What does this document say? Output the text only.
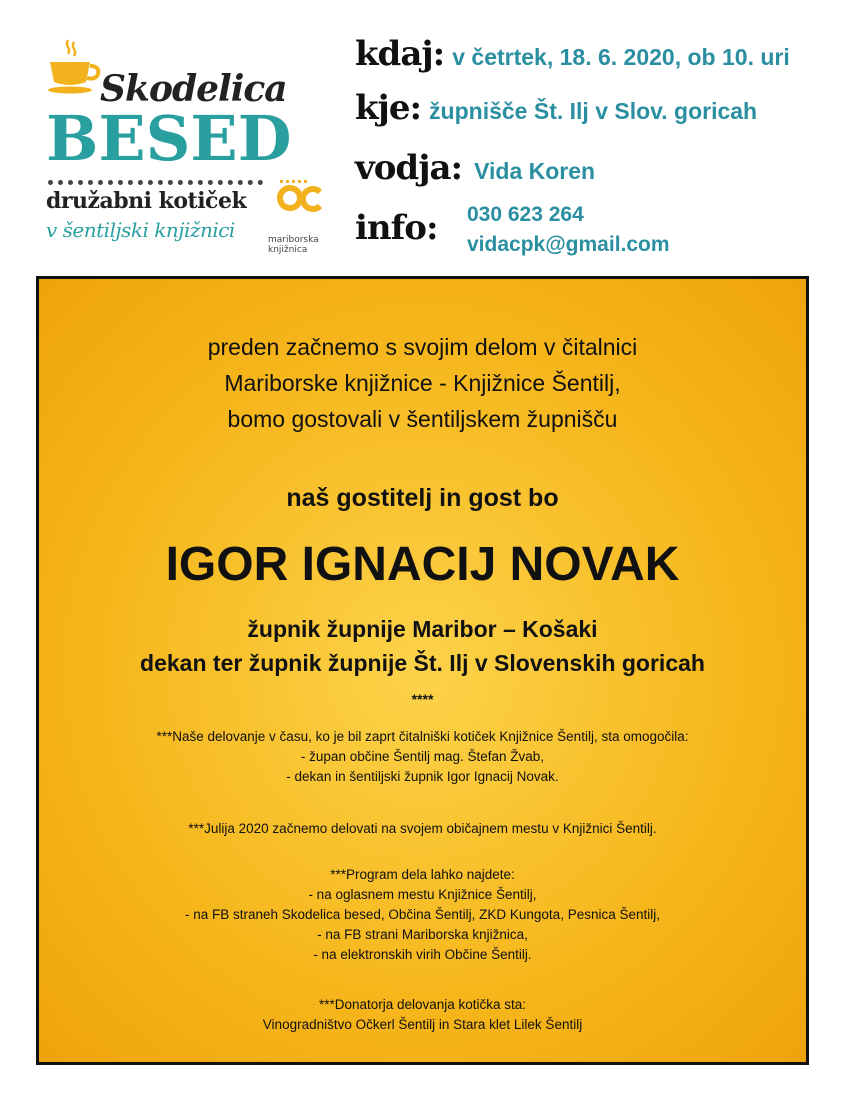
Skodelica
BESED
družabni kotiček
v šentiljski knjižnici	mariborska
knjižnica
kdaj: v četrtek, 18. 6. 2020, ob 10. uri
kje: župnišče Št. Ilj v Slov. goricah
vodja: Vida Koren
info: 030 623 264
vidacpk@gmail.com
preden začnemo s svojim delom v čitalnici
Mariborske knjižnice - Knjižnice Šentilj,
bomo gostovali v šentiljskem župnišču
naš gostitelj in gost bo
IGOR IGNACIJ NOVAK
župnik župnije Maribor – Košaki
dekan ter župnik župnije Št. Ilj v Slovenskih goricah
****
***Naše delovanje v času, ko je bil zaprt čitalniški kotiček Knjižnice Šentilj, sta omogočila:
- župan občine Šentilj mag. Štefan Žvab,
- dekan in šentiljski župnik Igor Ignacij Novak.
***Julija 2020 začnemo delovati na svojem običajnem mestu v Knjižnici Šentilj.
***Program dela lahko najdete:
- na oglasnem mestu Knjižnice Šentilj,
- na FB straneh Skodelica besed, Občina Šentilj, ZKD Kungota, Pesnica Šentilj,
- na FB strani Mariborska knjižnica,
- na elektronskih virih Občine Šentilj.
***Donatorja delovanja kotička sta:
Vinogradništvo Očkerl Šentilj in Stara klet Lilek Šentilj
